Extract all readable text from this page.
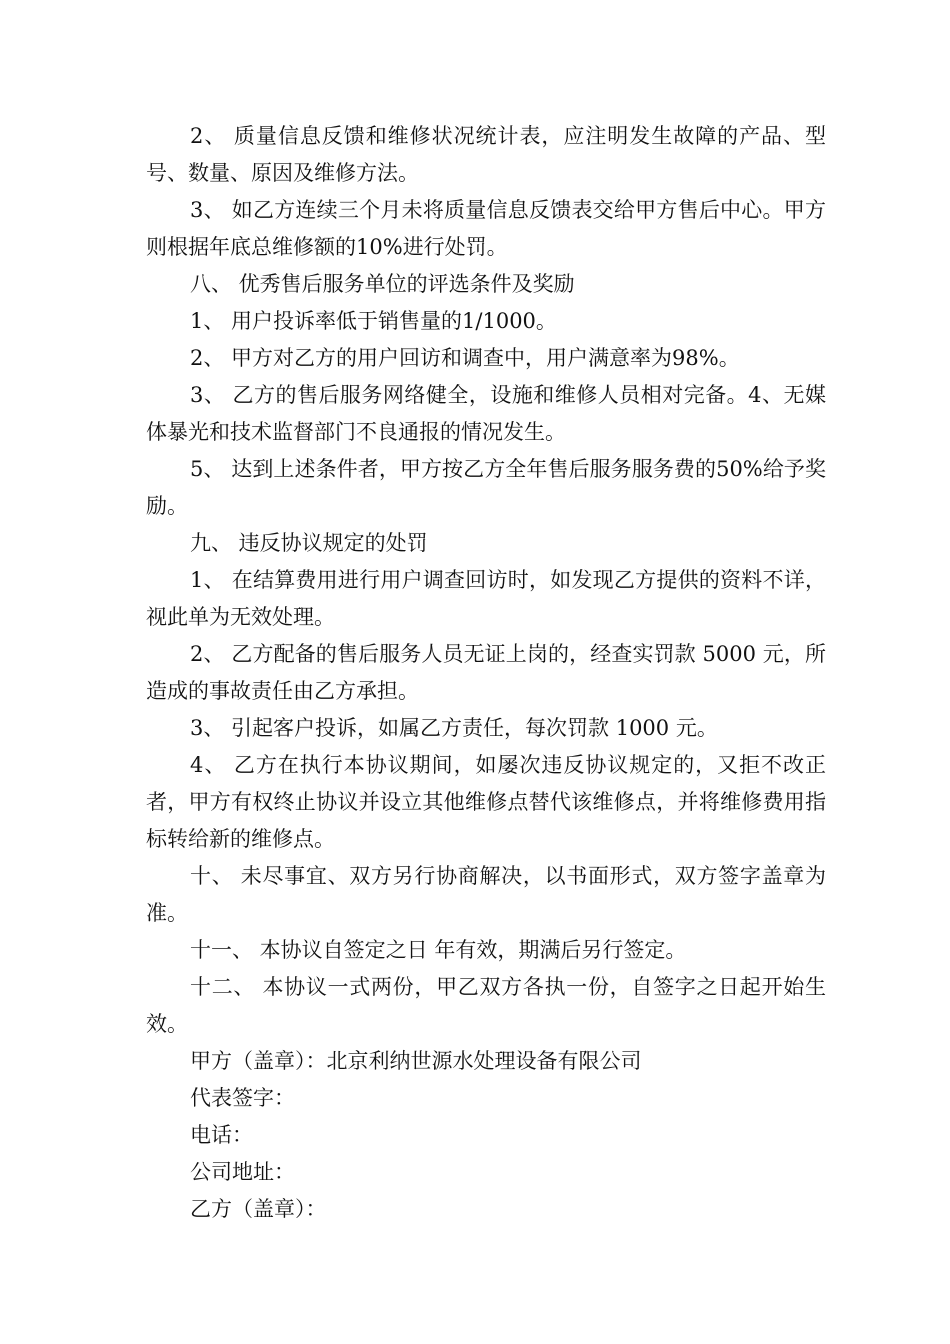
2、 质量信息反馈和维修状况统计表，应注明发生故障的产品、型号、数量、原因及维修方法。

3、 如乙方连续三个月未将质量信息反馈表交给甲方售后中心。甲方则根据年底总维修额的10%进行处罚。

八、 优秀售后服务单位的评选条件及奖励

1、 用户投诉率低于销售量的1/1000。

2、 甲方对乙方的用户回访和调查中，用户满意率为98%。

3、 乙方的售后服务网络健全，设施和维修人员相对完备。4、无媒体暴光和技术监督部门不良通报的情况发生。

5、 达到上述条件者，甲方按乙方全年售后服务服务费的50%给予奖励。

九、 违反协议规定的处罚

1、 在结算费用进行用户调查回访时，如发现乙方提供的资料不详，视此单为无效处理。

2、 乙方配备的售后服务人员无证上岗的，经查实罚款 5000 元，所造成的事故责任由乙方承担。

3、 引起客户投诉，如属乙方责任，每次罚款 1000 元。

4、 乙方在执行本协议期间，如屡次违反协议规定的，又拒不改正者，甲方有权终止协议并设立其他维修点替代该维修点，并将维修费用指标转给新的维修点。

十、 未尽事宜、双方另行协商解决，以书面形式，双方签字盖章为准。

十一、 本协议自签定之日 年有效，期满后另行签定。

十二、 本协议一式两份，甲乙双方各执一份，自签字之日起开始生效。

甲方（盖章）：北京利纳世源水处理设备有限公司

代表签字：

电话：

公司地址：

乙方（盖章）：
